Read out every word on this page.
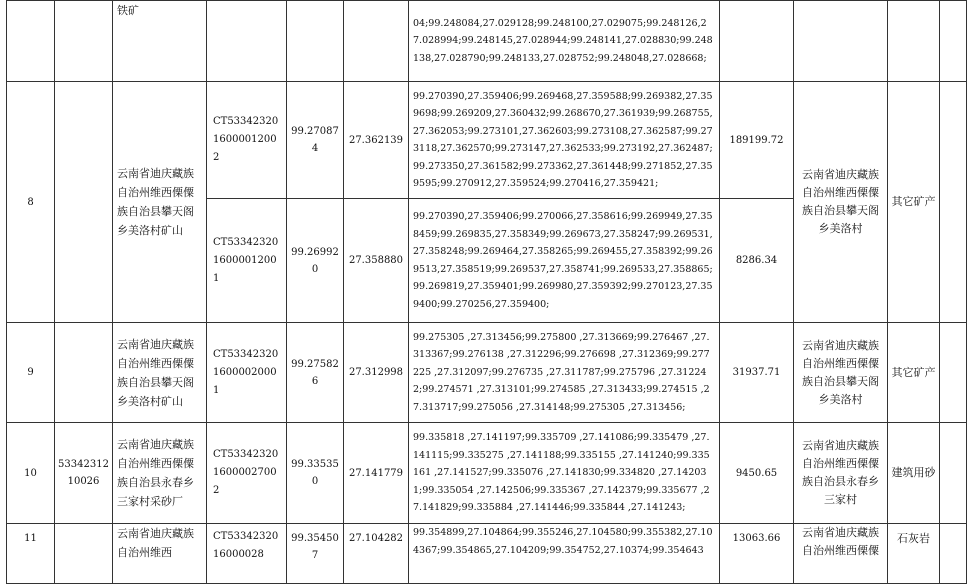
		铁矿				04;99.248084,27.029128;99.248100,27.029075;99.248126,27.028994;99.248145,27.028944;99.248141,27.028830;99.248138,27.028790;99.248133,27.028752;99.248048,27.028668;				
8		云南省迪庆藏族自治州维西傈僳族自治县攀天阁乡美洛村矿山	CT5334232016000012002	99.270874	27.362139	99.270390,27.359406;99.269468,27.359588;99.269382,27.359698;99.269209,27.360432;99.268670,27.361939;99.268755,27.362053;99.273101,27.362603;99.273108,27.362587;99.273118,27.362570;99.273147,27.362533;99.273192,27.362487;99.273350,27.361582;99.273362,27.361448;99.271852,27.359595;99.270912,27.359524;99.270416,27.359421;	189199.72	云南省迪庆藏族自治州维西傈僳族自治县攀天阁乡美洛村	其它矿产	
			CT5334232016000012001	99.269920	27.358880	99.270390,27.359406;99.270066,27.358616;99.269949,27.358459;99.269835,27.358349;99.269673,27.358247;99.269531,27.358248;99.269464,27.358265;99.269455,27.358392;99.269513,27.358519;99.269537,27.358741;99.269533,27.358865;99.269819,27.359401;99.269980,27.359392;99.270123,27.359400;99.270256,27.359400;	8286.34			
9		云南省迪庆藏族自治州维西傈僳族自治县攀天阁乡美洛村矿山	CT5334232016000020001	99.275826	27.312998	99.275305 ,27.313456;99.275800 ,27.313669;99.276467 ,27.313367;99.276138 ,27.312296;99.276698 ,27.312369;99.277225 ,27.312097;99.276735 ,27.311787;99.275796 ,27.31224 2;99.274571 ,27.313101;99.274585 ,27.313433;99.274515 ,27.313717;99.275056 ,27.314148;99.275305 ,27.313456;	31937.71	云南省迪庆藏族自治州维西傈僳族自治县攀天阁乡美洛村	其它矿产	
10	5334231210026	云南省迪庆藏族自治州维西傈僳族自治县永春乡三家村采砂厂	CT5334232016000027002	99.335350	27.141779	99.335818 ,27.141197;99.335709 ,27.141086;99.335479 ,27.141115;99.335275 ,27.141188;99.335155 ,27.141240;99.335161 ,27.141527;99.335076 ,27.141830;99.334820 ,27.142031;99.335054 ,27.142506;99.335367 ,27.142379;99.335677 ,27.141829;99.335884 ,27.141446;99.335844 ,27.141243;	9450.65	云南省迪庆藏族自治州维西傈僳族自治县永春乡三家村	建筑用砂	
11		云南省迪庆藏族自治州维西	CT5334232016000028	99.354507	27.104282	99.354899,27.104864;99.355246,27.104580;99.355382,27.104367;99.354865,27.104209;99.354752,27.10374;99.354643	13063.66	云南省迪庆藏族自治州维西傈僳	石灰岩	
